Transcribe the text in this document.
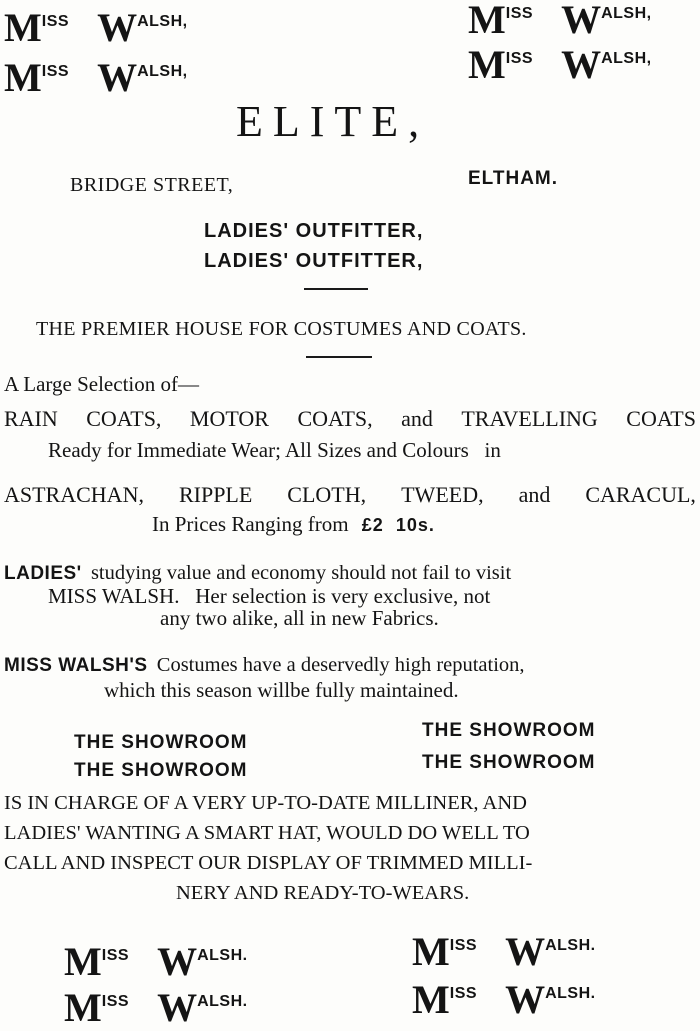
MISS WALSH,
MISS WALSH,
MISS WALSH,
MISS WALSH,
ELITE,
BRIDGE STREET,	ELTHAM.
LADIES' OUTFITTER,
LADIES' OUTFITTER,
THE PREMIER HOUSE FOR COSTUMES AND COATS.
A Large Selection of—
RAIN COATS, MOTOR COATS, and TRAVELLING COATS
Ready for Immediate Wear; All Sizes and Colours   in
ASTRACHAN, RIPPLE CLOTH, TWEED, and CARACUL,
In Prices Ranging from £2  10s.
LADIES' studying value and economy should not fail to visit
MISS WALSH.   Her selection is very exclusive, not
any two alike, all in new Fabrics.
MISS WALSH'S Costumes have a deservedly high reputation,
which this season willbe fully maintained.
THE SHOWROOM
THE SHOWROOM
THE SHOWROOM
THE SHOWROOM
IS IN CHARGE OF A VERY UP-TO-DATE MILLINER, AND
LADIES' WANTING A SMART HAT, WOULD DO WELL TO
CALL AND INSPECT OUR DISPLAY OF TRIMMED MILLI-
NERY AND READY-TO-WEARS.
MISS WALSH.
MISS WALSH.
MISS WALSH.
MISS WALSH.
